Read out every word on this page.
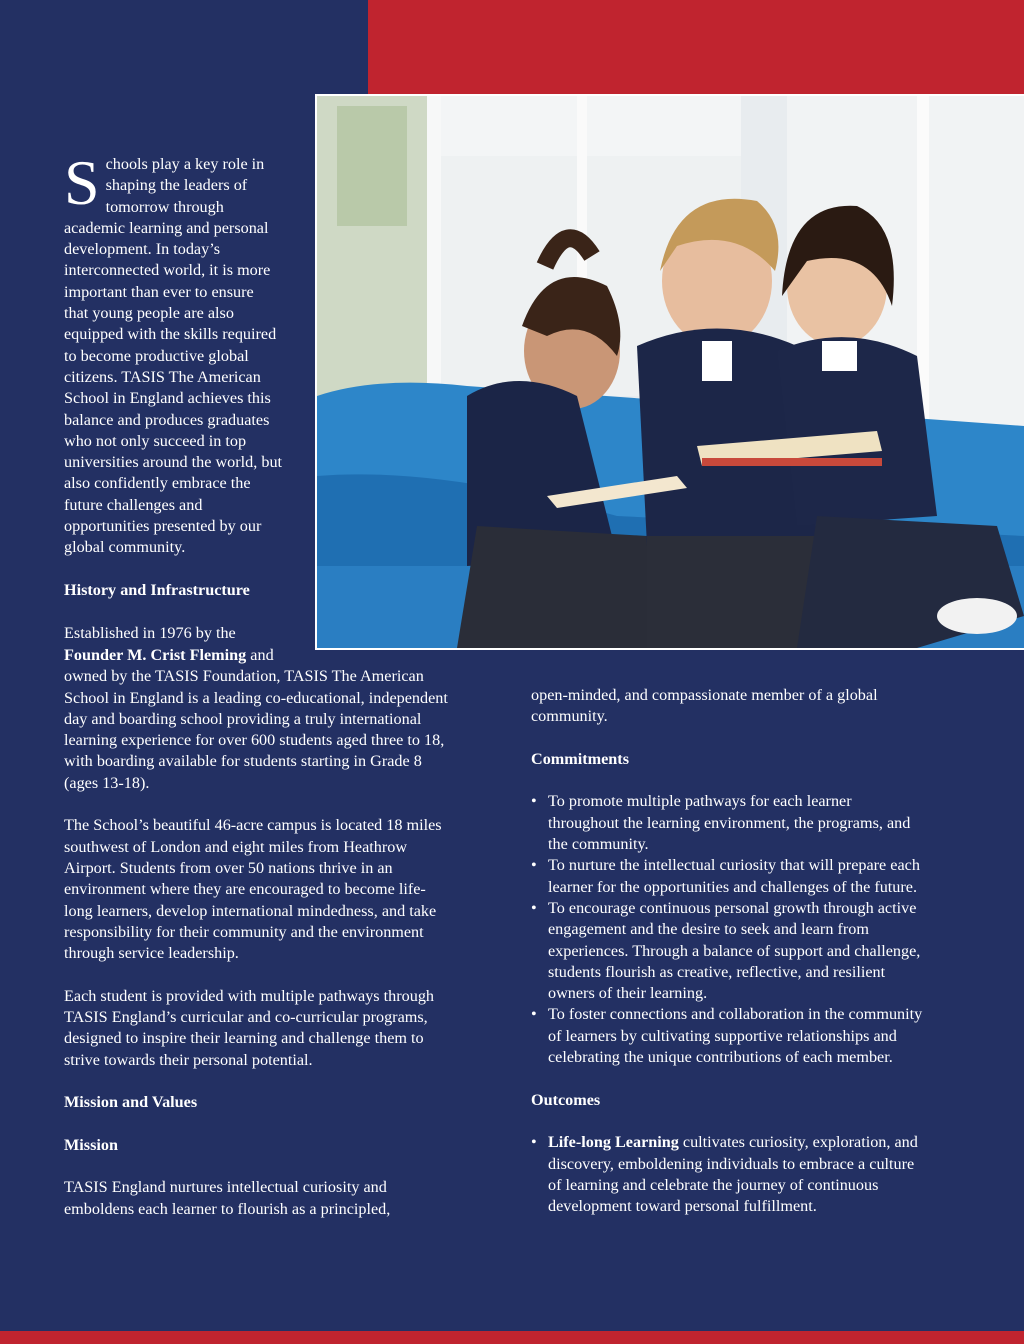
S chools play a key role in

shaping the leaders of

tomorrow through

academic learning and personal

development. In today’s

interconnected world, it is more

important than ever to ensure

that young people are also

equipped with the skills required

to become productive global

citizens. TASIS The American

School in England achieves this

balance and produces graduates

who not only succeed in top

universities around the world, but

also confidently embrace the

future challenges and

opportunities presented by our

global community.

History and Infrastructure

Established in 1976 by the

Founder M. Crist Fleming and

owned by the TASIS Foundation, TASIS The American

School in England is a leading co-educational, independent

day and boarding school providing a truly international

learning experience for over 600 students aged three to 18,

with boarding available for students starting in Grade 8

(ages 13-18).

The School’s beautiful 46-acre campus is located 18 miles

southwest of London and eight miles from Heathrow

Airport. Students from over 50 nations thrive in an

environment where they are encouraged to become life-

long learners, develop international mindedness, and take

responsibility for their community and the environment

through service leadership.

Each student is provided with multiple pathways through

TASIS England’s curricular and co-curricular programs,

designed to inspire their learning and challenge them to

strive towards their personal potential.

Mission and Values

Mission

TASIS England nurtures intellectual curiosity and

emboldens each learner to flourish as a principled,

open-minded, and compassionate member of a global

community.

Commitments

• To promote multiple pathways for each learner

throughout the learning environment, the programs, and

the community.

• To nurture the intellectual curiosity that will prepare each

learner for the opportunities and challenges of the future.

• To encourage continuous personal growth through active

engagement and the desire to seek and learn from

experiences. Through a balance of support and challenge,

students flourish as creative, reflective, and resilient

owners of their learning.

• To foster connections and collaboration in the community

of learners by cultivating supportive relationships and

celebrating the unique contributions of each member.

Outcomes

• Life-long Learning cultivates curiosity, exploration, and

discovery, emboldening individuals to embrace a culture

of learning and celebrate the journey of continuous

development toward personal fulfillment.
